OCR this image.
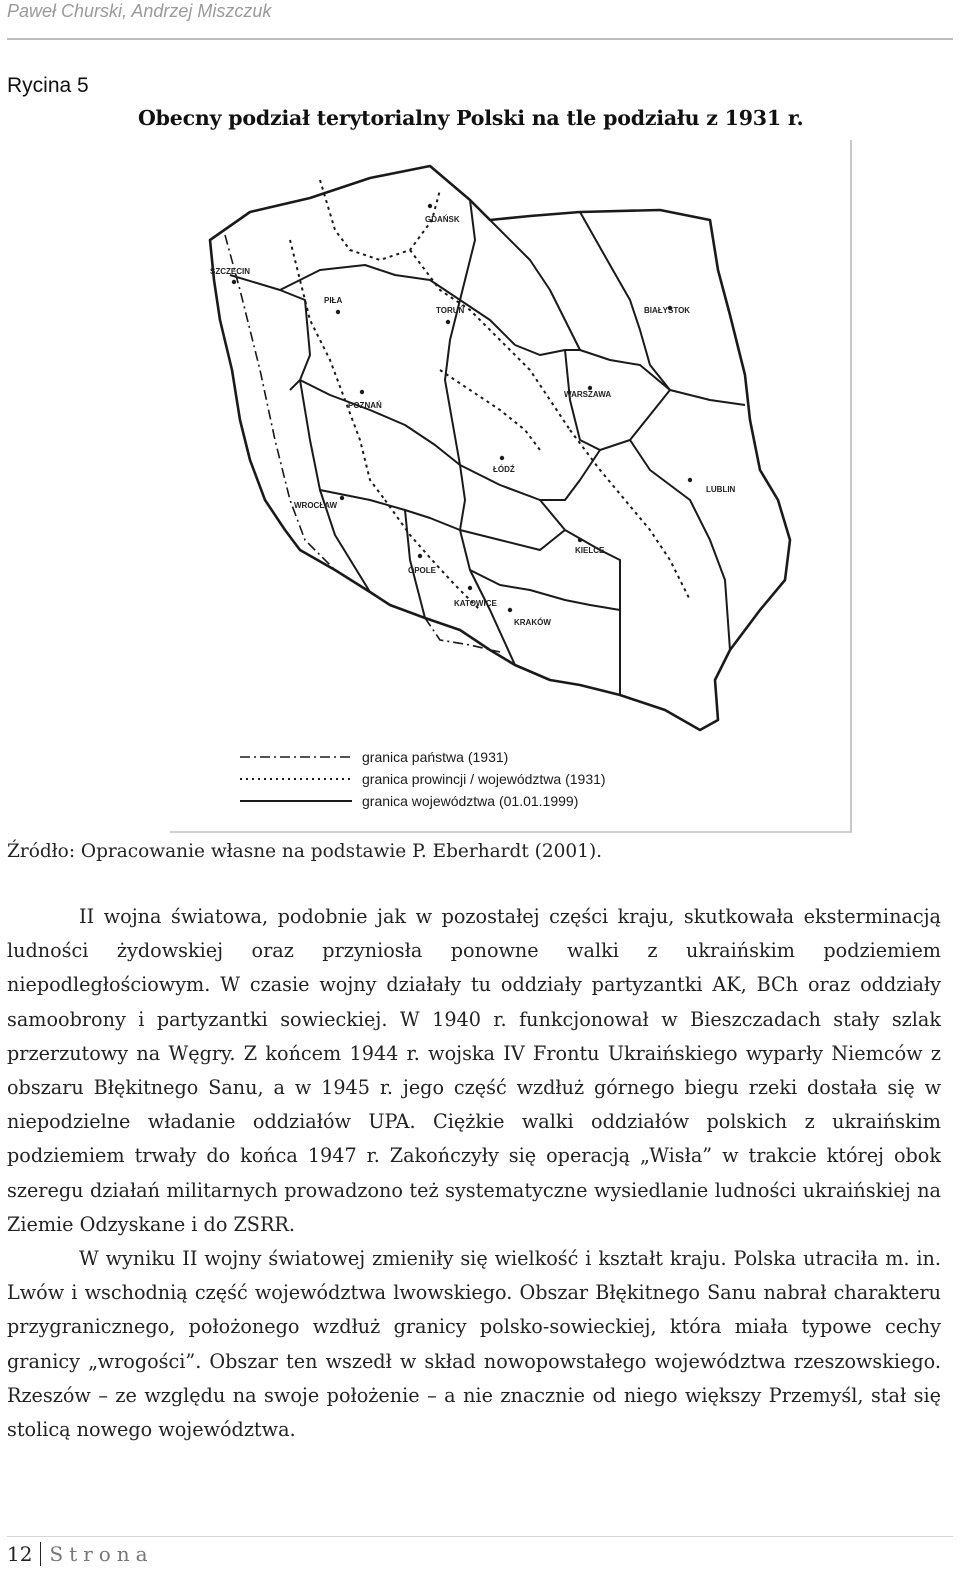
Paweł Churski, Andrzej Miszczuk
Rycina 5
Obecny podział terytorialny Polski na tle podziału z 1931 r.
GDAŃSK
SZCZECIN
PIŁA
TORUŃ	BIAŁYSTOK
POZNAŃ
WARSZAWA
ŁÓDŹ
LUBLIN
WROCŁAW
KIELCE
OPOLE
KATOWICE
KRAKÓW
granica państwa (1931)
granica prowincji / województwa (1931)
granica województwa (01.01.1999)
Źródło: Opracowanie własne na podstawie P. Eberhardt (2001).

II wojna światowa, podobnie jak w pozostałej części kraju, skutkowała eksterminacją ludności żydowskiej oraz przyniosła ponowne walki z ukraińskim podziemiem niepodległościowym. W czasie wojny działały tu oddziały partyzantki AK, BCh oraz oddziały samoobrony i partyzantki sowieckiej. W 1940 r. funkcjonował w Bieszczadach stały szlak przerzutowy na Węgry. Z końcem 1944 r. wojska IV Frontu Ukraińskiego wyparły Niemców z obszaru Błękitnego Sanu, a w 1945 r. jego część wzdłuż górnego biegu rzeki dostała się w niepodzielne władanie oddziałów UPA. Ciężkie walki oddziałów polskich z ukraińskim podziemiem trwały do końca 1947 r. Zakończyły się operacją „Wisła” w trakcie której obok szeregu działań militarnych prowadzono też systematyczne wysiedlanie ludności ukraińskiej na Ziemie Odzyskane i do ZSRR.

W wyniku II wojny światowej zmieniły się wielkość i kształt kraju. Polska utraciła m. in. Lwów i wschodnią część województwa lwowskiego. Obszar Błękitnego Sanu nabrał charakteru przygranicznego, położonego wzdłuż granicy polsko-sowieckiej, która miała typowe cechy granicy „wrogości”. Obszar ten wszedł w skład nowopowstałego województwa rzeszowskiego. Rzeszów – ze względu na swoje położenie – a nie znacznie od niego większy Przemyśl, stał się stolicą nowego województwa.

12 Strona
